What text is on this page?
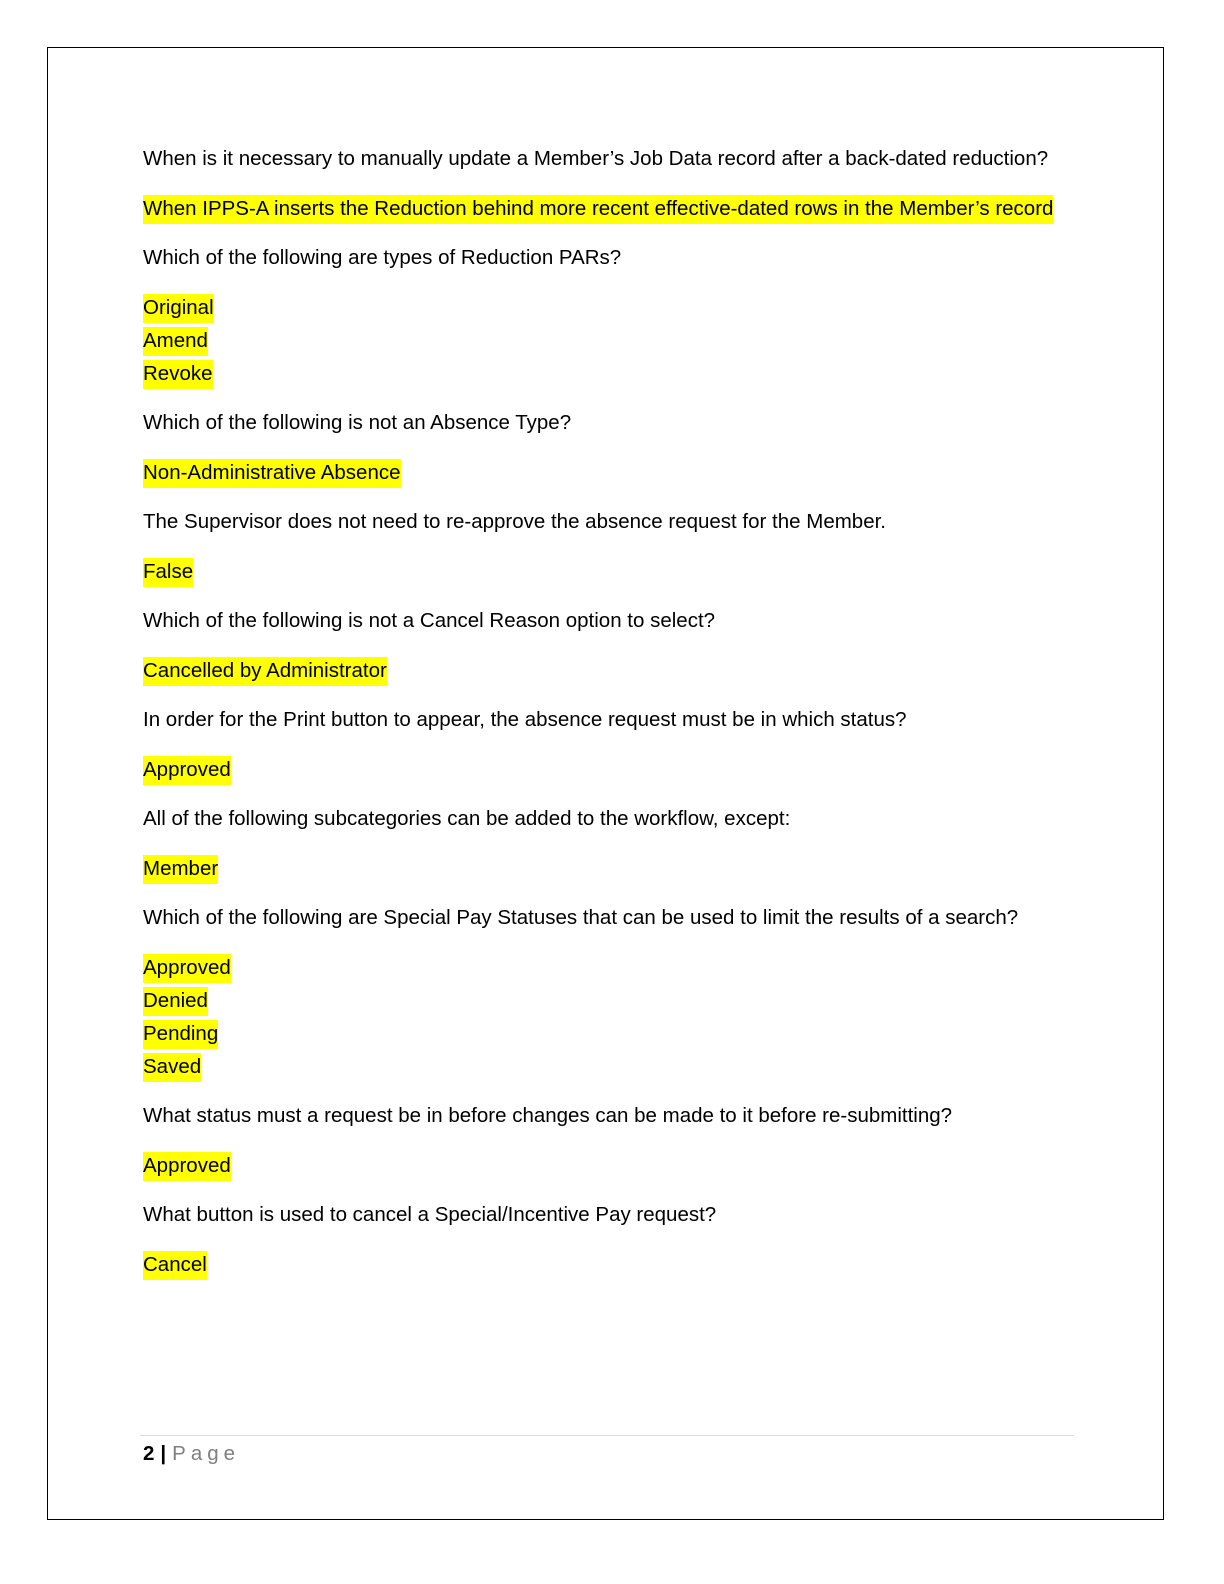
When is it necessary to manually update a Member’s Job Data record after a back-dated reduction?

When IPPS-A inserts the Reduction behind more recent effective-dated rows in the Member’s record

Which of the following are types of Reduction PARs?

Original
Amend
Revoke

Which of the following is not an Absence Type?

Non-Administrative Absence

The Supervisor does not need to re-approve the absence request for the Member.

False

Which of the following is not a Cancel Reason option to select?

Cancelled by Administrator

In order for the Print button to appear, the absence request must be in which status?

Approved

All of the following subcategories can be added to the workflow, except:

Member

Which of the following are Special Pay Statuses that can be used to limit the results of a search?

Approved
Denied
Pending
Saved

What status must a request be in before changes can be made to it before re-submitting?

Approved

What button is used to cancel a Special/Incentive Pay request?

Cancel
2 | Page
